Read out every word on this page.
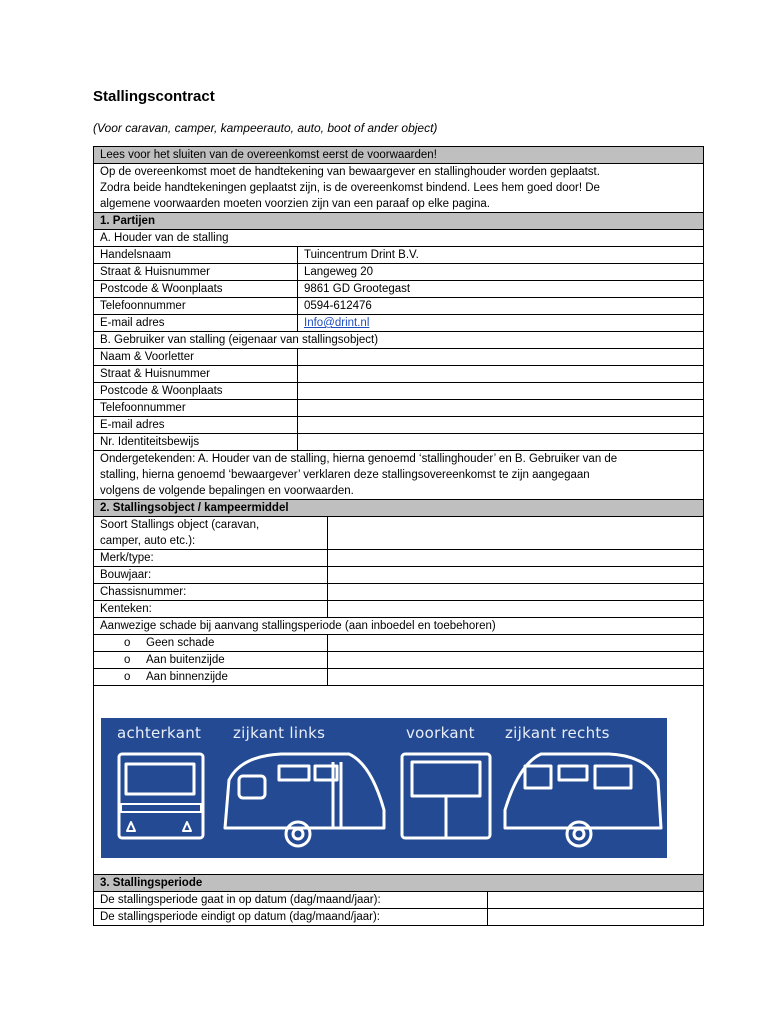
Stallingscontract
(Voor caravan, camper, kampeerauto, auto, boot of ander object)
Lees voor het sluiten van de overeenkomst eerst de voorwaarden!
Op de overeenkomst moet de handtekening van bewaargever en stallinghouder worden geplaatst.
Zodra beide handtekeningen geplaatst zijn, is de overeenkomst bindend. Lees hem goed door! De
algemene voorwaarden moeten voorzien zijn van een paraaf op elke pagina.
1. Partijen
A. Houder van de stalling
Handelsnaam	Tuincentrum Drint B.V.
Straat & Huisnummer	Langeweg 20
Postcode & Woonplaats	9861 GD Grootegast
Telefoonnummer	0594-612476
E-mail adres	Info@drint.nl
B. Gebruiker van stalling (eigenaar van stallingsobject)
Naam & Voorletter
Straat & Huisnummer
Postcode & Woonplaats
Telefoonnummer
E-mail adres
Nr. Identiteitsbewijs
Ondergetekenden: A. Houder van de stalling, hierna genoemd ‘stallinghouder’ en B. Gebruiker van de
stalling, hierna genoemd ‘bewaargever’ verklaren deze stallingsovereenkomst te zijn aangegaan
volgens de volgende bepalingen en voorwaarden.
2. Stallingsobject / kampeermiddel
Soort Stallings object (caravan,
camper, auto etc.):
Merk/type:
Bouwjaar:
Chassisnummer:
Kenteken:
Aanwezige schade bij aanvang stallingsperiode (aan inboedel en toebehoren)
o Geen schade
o Aan buitenzijde
o Aan binnenzijde
achterkant zijkant links	voorkant zijkant rechts
3. Stallingsperiode
De stallingsperiode gaat in op datum (dag/maand/jaar):
De stallingsperiode eindigt op datum (dag/maand/jaar):
